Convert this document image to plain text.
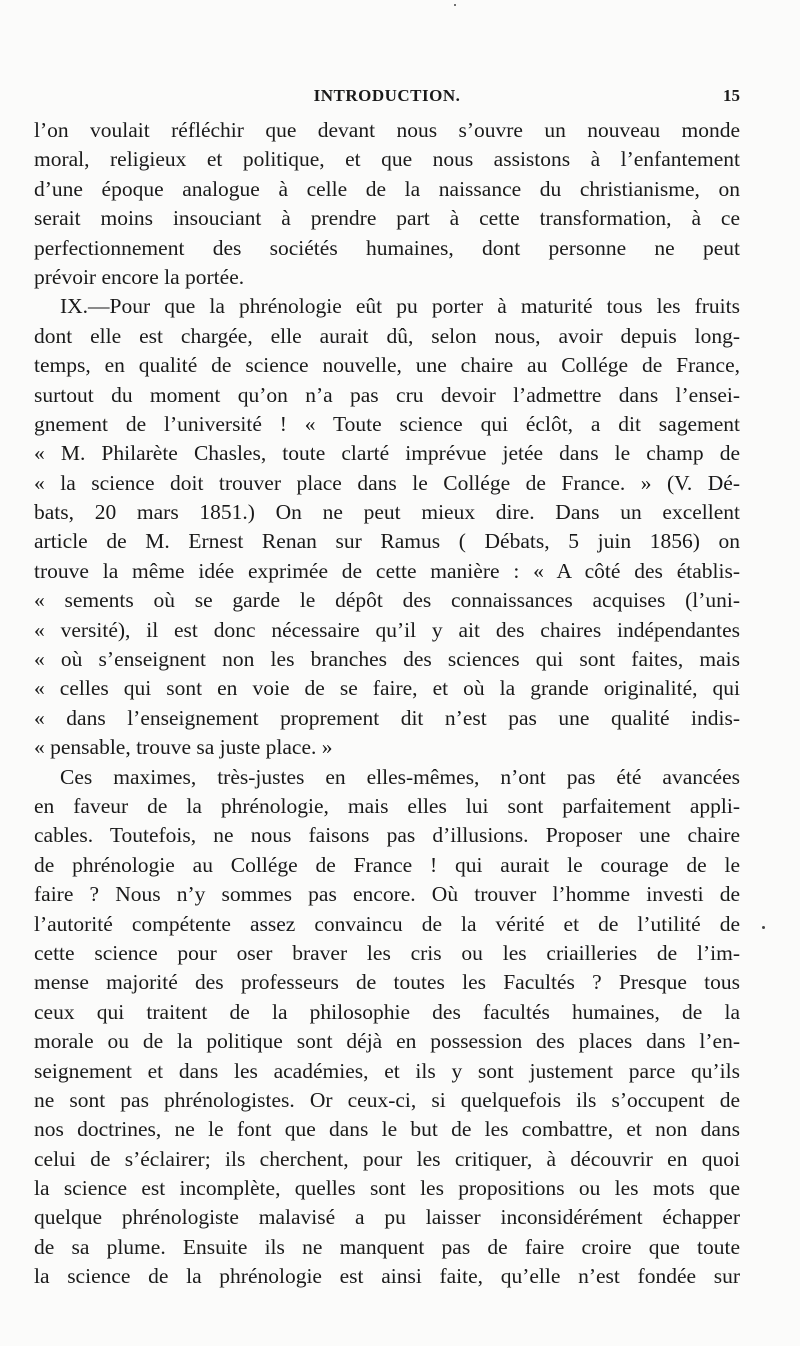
INTRODUCTION.	15
l’on voulait réfléchir que devant nous s’ouvre un nouveau monde
moral, religieux et politique, et que nous assistons à l’enfantement
d’une époque analogue à celle de la naissance du christianisme, on
serait moins insouciant à prendre part à cette transformation, à ce
perfectionnement des sociétés humaines, dont personne ne peut
prévoir encore la portée.
IX.—Pour que la phrénologie eût pu porter à maturité tous les fruits
dont elle est chargée, elle aurait dû, selon nous, avoir depuis long-
temps, en qualité de science nouvelle, une chaire au Collége de France,
surtout du moment qu’on n’a pas cru devoir l’admettre dans l’ensei-
gnement de l’université ! « Toute science qui éclôt, a dit sagement
« M. Philarète Chasles, toute clarté imprévue jetée dans le champ de
« la science doit trouver place dans le Collége de France. » (V. Dé-
bats, 20 mars 1851.) On ne peut mieux dire. Dans un excellent
article de M. Ernest Renan sur Ramus ( Débats, 5 juin 1856) on
trouve la même idée exprimée de cette manière : « A côté des établis-
« sements où se garde le dépôt des connaissances acquises (l’uni-
« versité), il est donc nécessaire qu’il y ait des chaires indépendantes
« où s’enseignent non les branches des sciences qui sont faites, mais
« celles qui sont en voie de se faire, et où la grande originalité, qui
« dans l’enseignement proprement dit n’est pas une qualité indis-
« pensable, trouve sa juste place. »
Ces maximes, très-justes en elles-mêmes, n’ont pas été avancées
en faveur de la phrénologie, mais elles lui sont parfaitement appli-
cables. Toutefois, ne nous faisons pas d’illusions. Proposer une chaire
de phrénologie au Collége de France ! qui aurait le courage de le
faire ? Nous n’y sommes pas encore. Où trouver l’homme investi de
l’autorité compétente assez convaincu de la vérité et de l’utilité de
cette science pour oser braver les cris ou les criailleries de l’im-
mense majorité des professeurs de toutes les Facultés ? Presque tous
ceux qui traitent de la philosophie des facultés humaines, de la
morale ou de la politique sont déjà en possession des places dans l’en-
seignement et dans les académies, et ils y sont justement parce qu’ils
ne sont pas phrénologistes. Or ceux-ci, si quelquefois ils s’occupent de
nos doctrines, ne le font que dans le but de les combattre, et non dans
celui de s’éclairer; ils cherchent, pour les critiquer, à découvrir en quoi
la science est incomplète, quelles sont les propositions ou les mots que
quelque phrénologiste malavisé a pu laisser inconsidérément échapper
de sa plume. Ensuite ils ne manquent pas de faire croire que toute
la science de la phrénologie est ainsi faite, qu’elle n’est fondée sur
